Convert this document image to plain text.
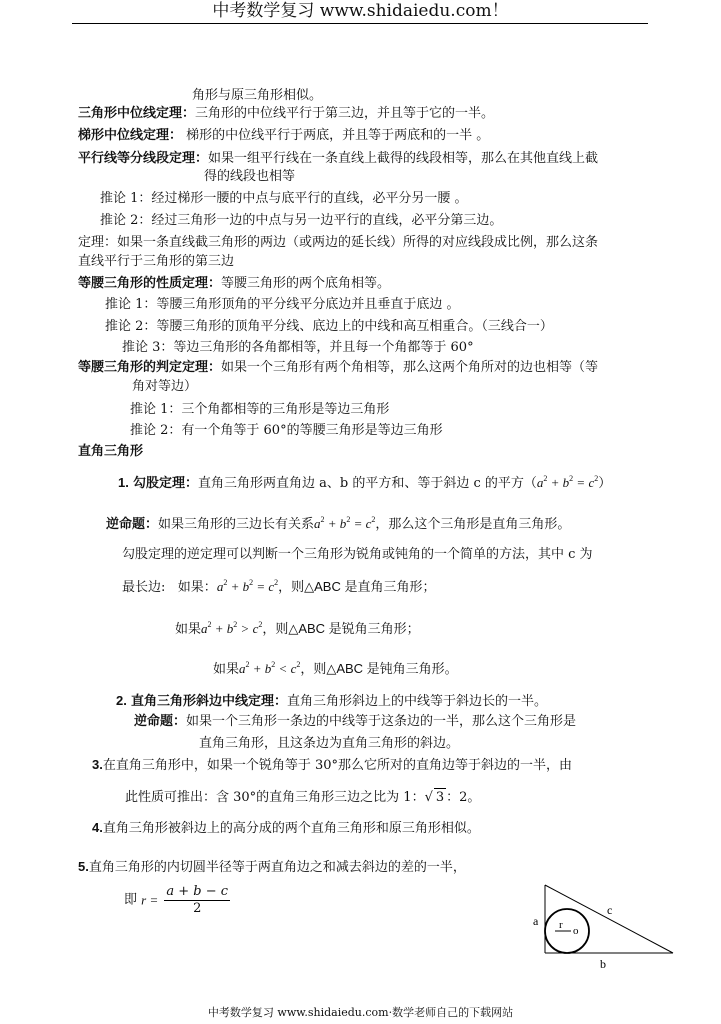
中考数学复习 www.shidaiedu.com！
角形与原三角形相似。
三角形中位线定理：三角形的中位线平行于第三边，并且等于它的一半。
梯形中位线定理： 梯形的中位线平行于两底，并且等于两底和的一半 。
平行线等分线段定理：如果一组平行线在一条直线上截得的线段相等，那么在其他直线上截
得的线段也相等
推论 1：经过梯形一腰的中点与底平行的直线，必平分另一腰 。
推论 2：经过三角形一边的中点与另一边平行的直线，必平分第三边。
定理：如果一条直线截三角形的两边（或两边的延长线）所得的对应线段成比例，那么这条
直线平行于三角形的第三边
等腰三角形的性质定理：等腰三角形的两个底角相等。
推论 1：等腰三角形顶角的平分线平分底边并且垂直于底边 。
推论 2：等腰三角形的顶角平分线、底边上的中线和高互相重合。（三线合一）
推论 3：等边三角形的各角都相等，并且每一个角都等于 60°
等腰三角形的判定定理：如果一个三角形有两个角相等，那么这两个角所对的边也相等（等
角对等边）
推论 1：三个角都相等的三角形是等边三角形
推论 2：有一个角等于 60°的等腰三角形是等边三角形
直角三角形
1. 勾股定理：直角三角形两直角边 a、b 的平方和、等于斜边 c 的平方$(a^2 + b^2 = c^2)$
逆命题：如果三角形的三边长有关系$a^2 + b^2 = c^2$，那么这个三角形是直角三角形。
勾股定理的逆定理可以判断一个三角形为锐角或钝角的一个简单的方法，其中 c 为
最长边: 如果：$a^2 + b^2 = c^2$，则△ABC 是直角三角形；
如果$a^2 + b^2 > c^2$，则△ABC 是锐角三角形；
如果$a^2 + b^2 < c^2$，则△ABC 是钝角三角形。
2. 直角三角形斜边中线定理：直角三角形斜边上的中线等于斜边长的一半。
逆命题：如果一个三角形一条边的中线等于这条边的一半，那么这个三角形是
直角三角形，且这条边为直角三角形的斜边。
3.在直角三角形中，如果一个锐角等于 30°那么它所对的直角边等于斜边的一半，由
此性质可推出：含 30°的直角三角形三边之比为 1：√ 3 ：2。
4.直角三角形被斜边上的高分成的两个直角三角形和原三角形相似。
5.直角三角形的内切圆半径等于两直角边之和减去斜边的差的一半，
即 $r = \frac{a + b - c}{2}$
a
c
b
r o
中考数学复习 www.shidaiedu.com·数学老师自己的下载网站
